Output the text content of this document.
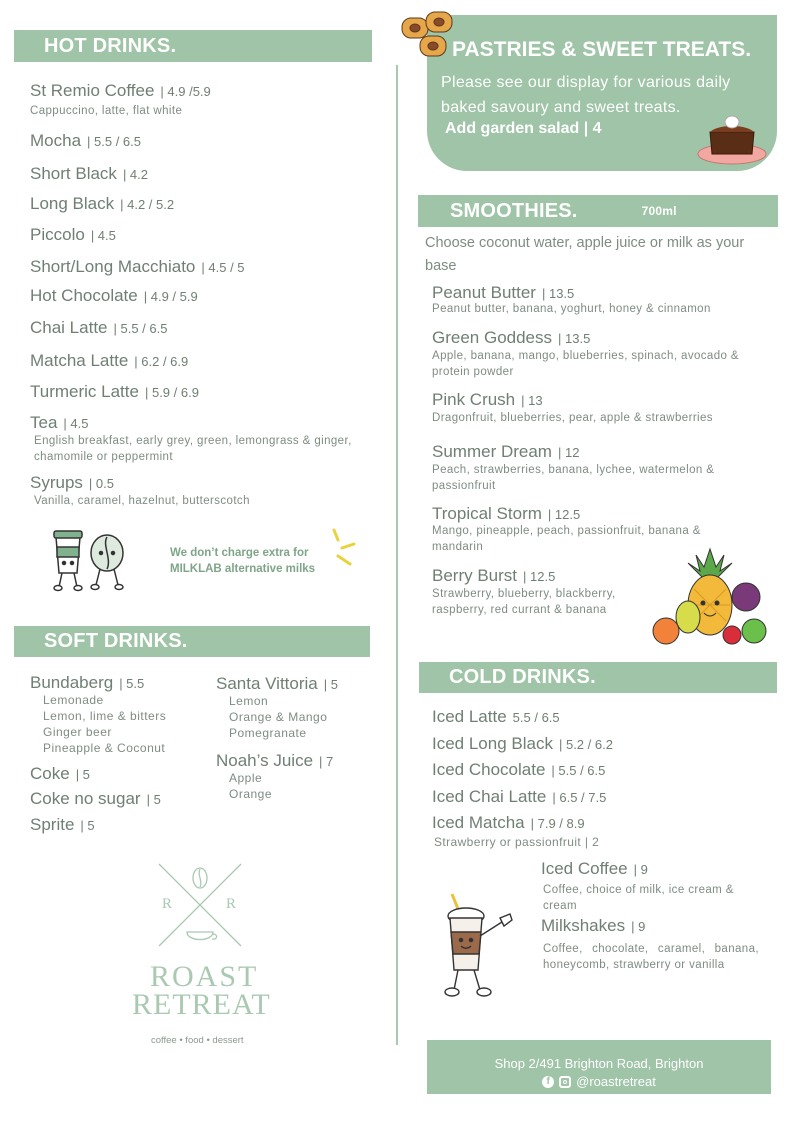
HOT DRINKS.
St Remio Coffee | 4.9 /5.9
Cappuccino, latte, flat white
Mocha | 5.5 / 6.5
Short Black | 4.2
Long Black | 4.2 / 5.2
Piccolo | 4.5
Short/Long Macchiato | 4.5 / 5
Hot Chocolate | 4.9 / 5.9
Chai Latte | 5.5 / 6.5
Matcha Latte | 6.2 / 6.9
Turmeric Latte | 5.9 / 6.9
Tea | 4.5
English breakfast, early grey, green, lemongrass & ginger, chamomile or peppermint
Syrups | 0.5
Vanilla, caramel, hazelnut, butterscotch
We don’t charge extra for MILKLAB alternative milks
SOFT DRINKS.
Bundaberg | 5.5
Lemonade
Lemon, lime & bitters
Ginger beer
Pineapple & Coconut
Coke | 5
Coke no sugar | 5
Sprite | 5
Santa Vittoria | 5
Lemon
Orange & Mango
Pomegranate
Noah’s Juice | 7
Apple
Orange
R	R
ROAST
RETREAT
coffee • food • dessert
PASTRIES & SWEET TREATS.
Please see our display for various daily baked savoury and sweet treats.
Add garden salad | 4
SMOOTHIES.	700ml
Choose coconut water, apple juice or milk as your base
Peanut Butter | 13.5
Peanut butter, banana, yoghurt, honey & cinnamon
Green Goddess | 13.5
Apple, banana, mango, blueberries, spinach, avocado & protein powder
Pink Crush | 13
Dragonfruit, blueberries, pear, apple & strawberries
Summer Dream | 12
Peach, strawberries, banana, lychee, watermelon & passionfruit
Tropical Storm | 12.5
Mango, pineapple, peach, passionfruit, banana & mandarin
Berry Burst | 12.5
Strawberry, blueberry, blackberry, raspberry, red currant & banana
COLD DRINKS.
Iced Latte 5.5 / 6.5
Iced Long Black | 5.2 / 6.2
Iced Chocolate | 5.5 / 6.5
Iced Chai Latte | 6.5 / 7.5
Iced Matcha | 7.9 / 8.9
Strawberry or passionfruit | 2
Iced Coffee | 9
Coffee, choice of milk, ice cream & cream
Milkshakes | 9
Coffee, chocolate, caramel, banana, honeycomb, strawberry or vanilla
Shop 2/491 Brighton Road, Brighton
f	@roastretreat
